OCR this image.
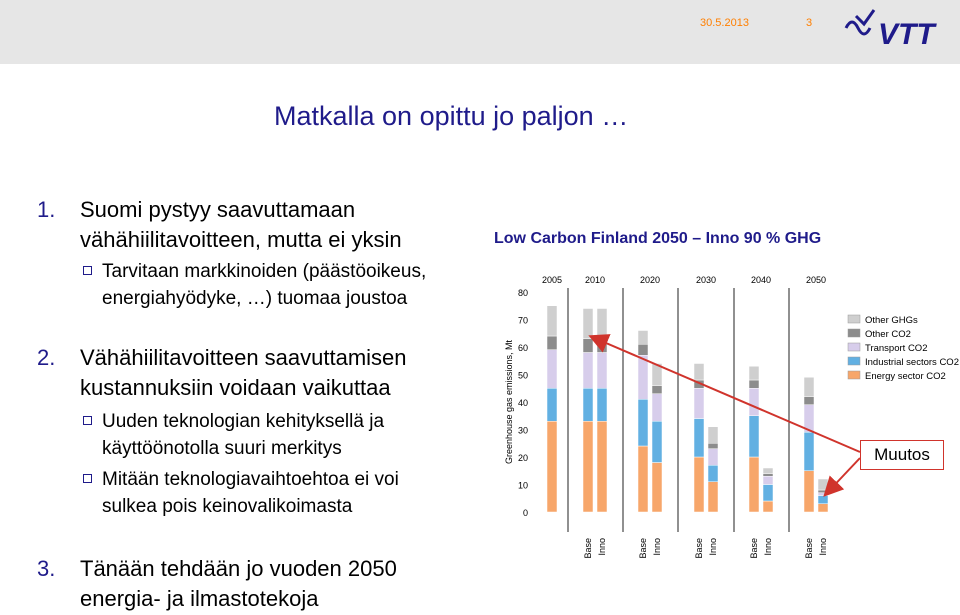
30.5.2013	3 VTT
Matkalla on opittu jo paljon …
1. Suomi pystyy saavuttamaan
vähähiilitavoitteen, mutta ei yksin
Tarvitaan markkinoiden (päästöoikeus,
energiahyödyke, …) tuomaa joustoa
2. Vähähiilitavoitteen saavuttamisen
kustannuksiin voidaan vaikuttaa
Uuden teknologian kehityksellä ja
käyttöönotolla suuri merkitys
Mitään teknologiavaihtoehtoa ei voi
sulkea pois keinovalikoimasta
3. Tänään tehdään jo vuoden 2050
energia- ja ilmastotekoja
Low Carbon Finland 2050 – Inno 90 % GHG
0
10
20
30
40
50
60
70
80
Greenhouse gas emissions, Mt
2005	2010	2020	2030	2040	2050
Base Inno	Base Inno	Base Inno	Base Inno	Base Inno
Other GHGs
Other CO2
Transport CO2
Industrial sectors CO2
Energy sector CO2
Muutos
